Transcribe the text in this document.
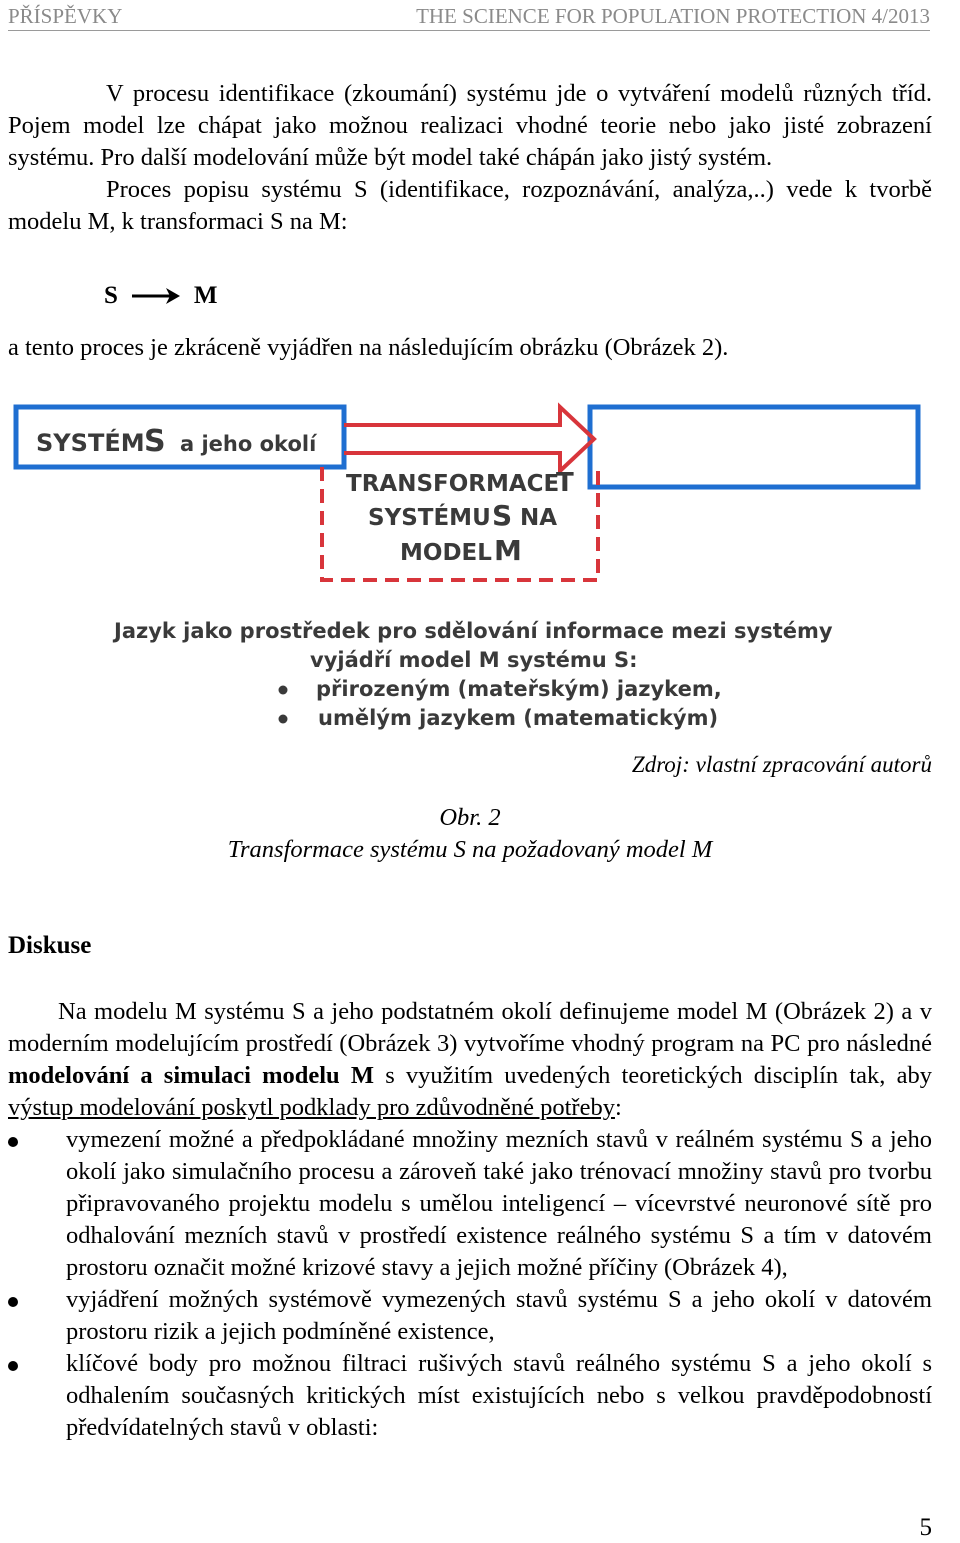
PŘÍSPĚVKY	THE SCIENCE FOR POPULATION PROTECTION 4/2013

V procesu identifikace (zkoumání) systému jde o vytváření modelů různých tříd. Pojem model lze chápat jako možnou realizaci vhodné teorie nebo jako jisté zobrazení systému. Pro další modelování může být model také chápán jako jistý systém.

Proces popisu systému S (identifikace, rozpoznávání, analýza,..) vede k tvorbě modelu M, k transformaci S na M:

S	M

a tento proces je zkráceně vyjádřen na následujícím obrázku (Obrázek 2).

SYSTÉM S a jeho okolí
TRANSFORMACE
T
SYSTÉMU S NA
MODEL M
Jazyk jako prostředek pro sdělování informace mezi systémy
vyjádří model M systému S:
přirozeným (mateřským) jazykem,
umělým jazykem (matematickým)
Zdroj: vlastní zpracování autorů
Obr. 2
Transformace systému S na požadovaný model M
Diskuse

Na modelu M systému S a jeho podstatném okolí definujeme model M (Obrázek 2) a v moderním modelujícím prostředí (Obrázek 3) vytvoříme vhodný program na PC pro následné modelování a simulaci modelu M s využitím uvedených teoretických disciplín tak, aby výstup modelování poskytl podklady pro zdůvodněné potřeby:

vymezení možné a předpokládané množiny mezních stavů v reálném systému S a jeho okolí jako simulačního procesu a zároveň také jako trénovací množiny stavů pro tvorbu připravovaného projektu modelu s umělou inteligencí – vícevrstvé neuronové sítě pro odhalování mezních stavů v prostředí existence reálného systému S a tím v datovém prostoru označit možné krizové stavy a jejich možné příčiny (Obrázek 4),
vyjádření možných systémově vymezených stavů systému S a jeho okolí v datovém prostoru rizik a jejich podmíněné existence,
klíčové body pro možnou filtraci rušivých stavů reálného systému S a jeho okolí s odhalením současných kritických míst existujících nebo s velkou pravděpodobností předvídatelných stavů v oblasti:
5
